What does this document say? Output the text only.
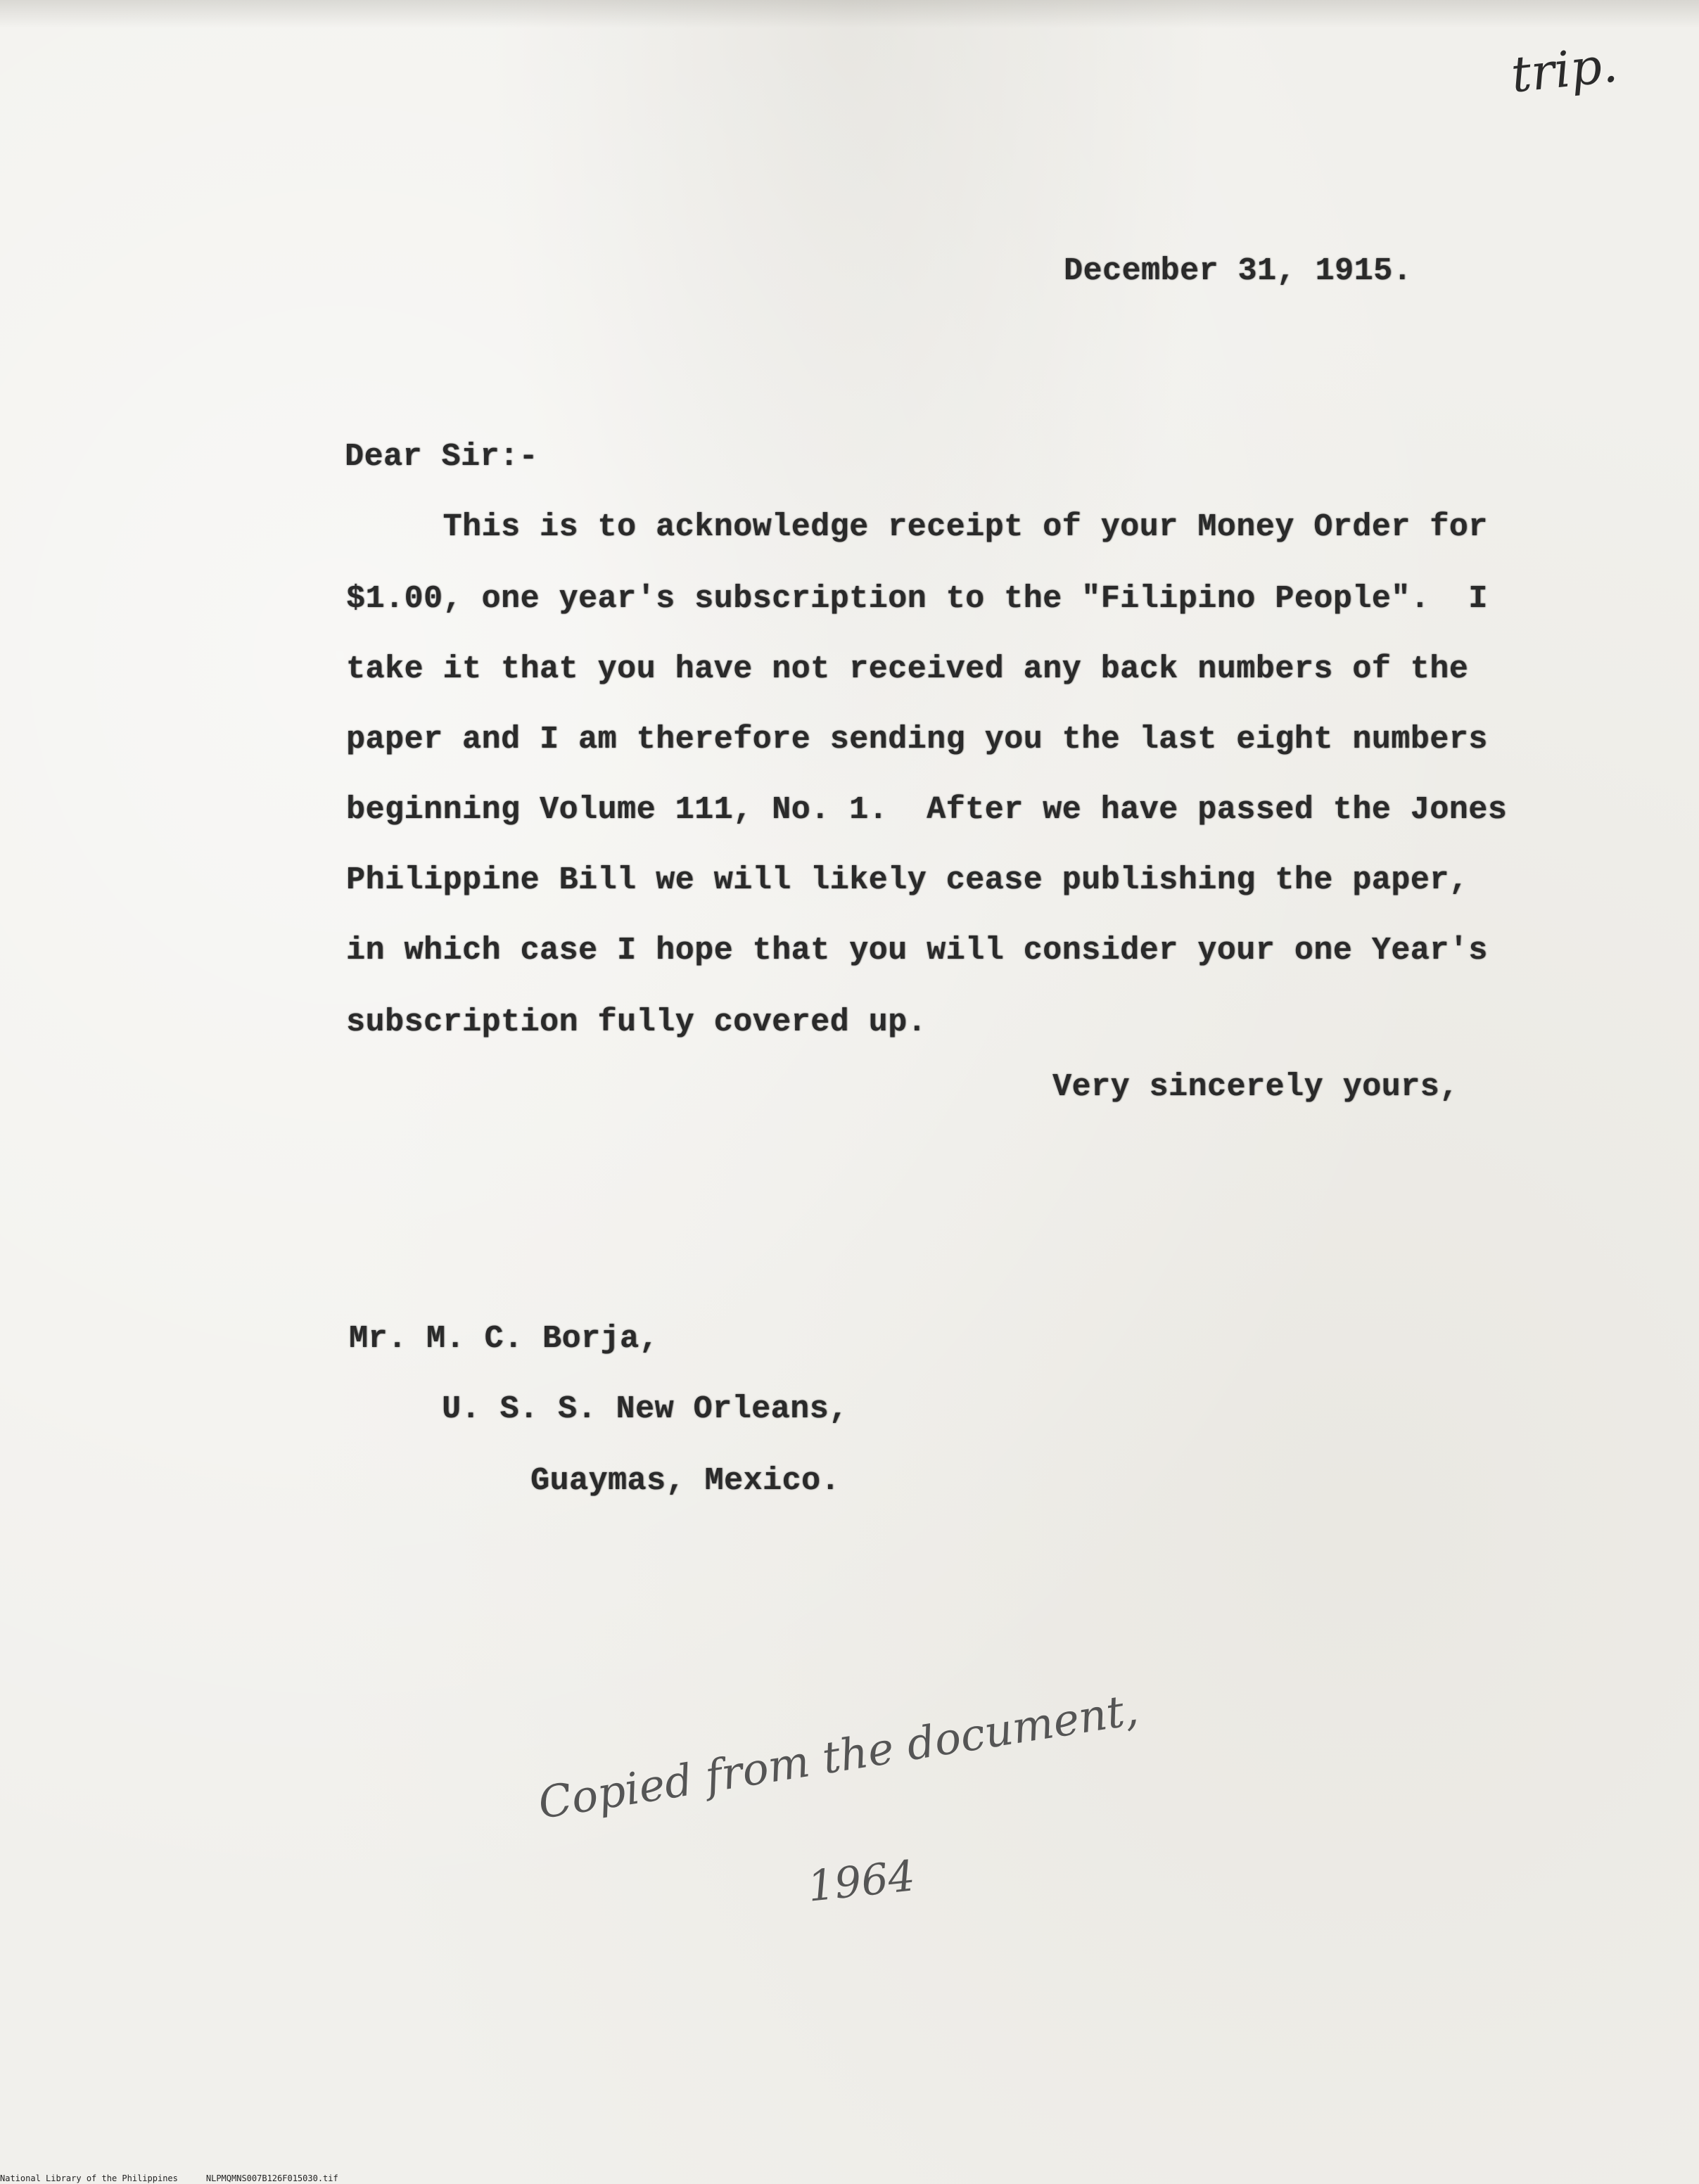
trip.
December 31, 1915.
Dear Sir:-
This is to acknowledge receipt of your Money Order for
$1.00, one year's subscription to the "Filipino People".  I
take it that you have not received any back numbers of the
paper and I am therefore sending you the last eight numbers
beginning Volume 111, No. 1.  After we have passed the Jones
Philippine Bill we will likely cease publishing the paper,
in which case I hope that you will consider your one Year's
subscription fully covered up.
Very sincerely yours,
Mr. M. C. Borja,
U. S. S. New Orleans,
Guaymas, Mexico.
Copied from the document,
1964
National Library of the Philippines	NLPMQMNS007B126F015030.tif
